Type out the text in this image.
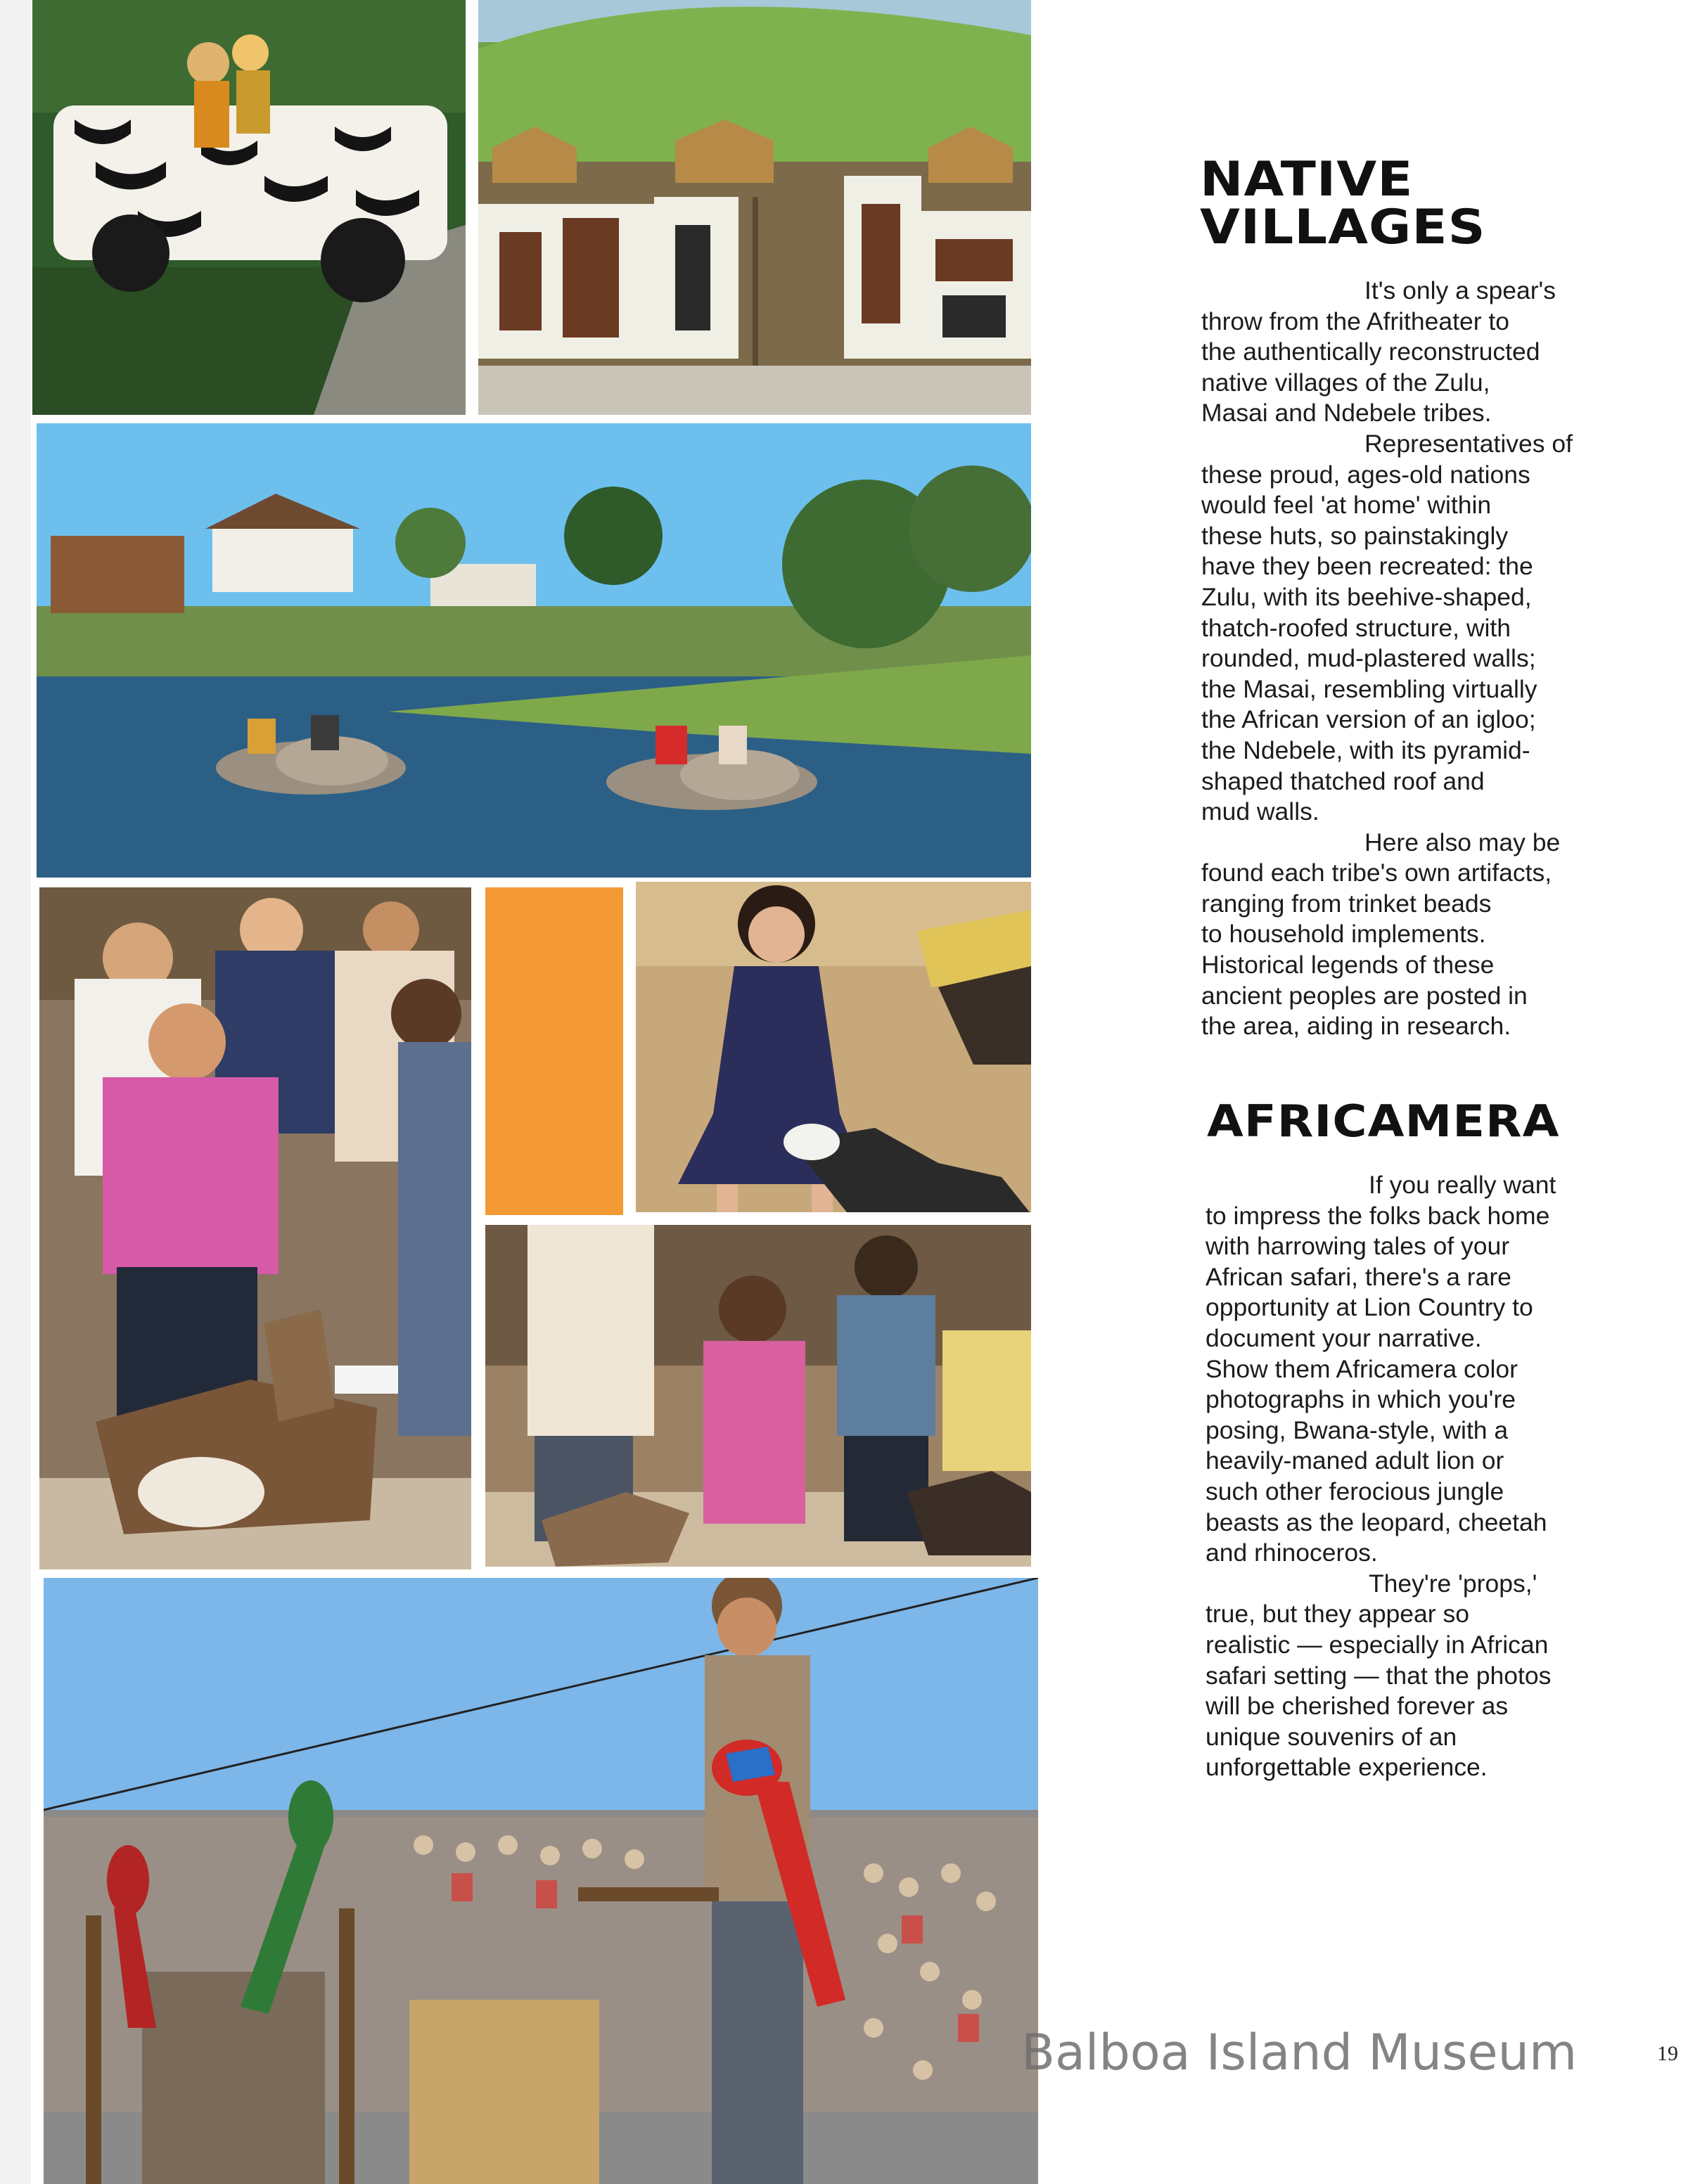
NATIVE
VILLAGES

It's only a spear's
throw from the Afritheater to
the authentically reconstructed
native villages of the Zulu,
Masai and Ndebele tribes.

Representatives of
these proud, ages-old nations
would feel 'at home' within
these huts, so painstakingly
have they been recreated: the
Zulu, with its beehive-shaped,
thatch-roofed structure, with
rounded, mud-plastered walls;
the Masai, resembling virtually
the African version of an igloo;
the Ndebele, with its pyramid-
shaped thatched roof and
mud walls.

Here also may be
found each tribe's own artifacts,
ranging from trinket beads
to household implements.
Historical legends of these
ancient peoples are posted in
the area, aiding in research.

AFRICAMERA

If you really want
to impress the folks back home
with harrowing tales of your
African safari, there's a rare
opportunity at Lion Country to
document your narrative.
Show them Africamera color
photographs in which you're
posing, Bwana-style, with a
heavily-maned adult lion or
such other ferocious jungle
beasts as the leopard, cheetah
and rhinoceros.

They're 'props,'
true, but they appear so
realistic — especially in African
safari setting — that the photos
will be cherished forever as
unique souvenirs of an
unforgettable experience.

Balboa Island Museum	19
